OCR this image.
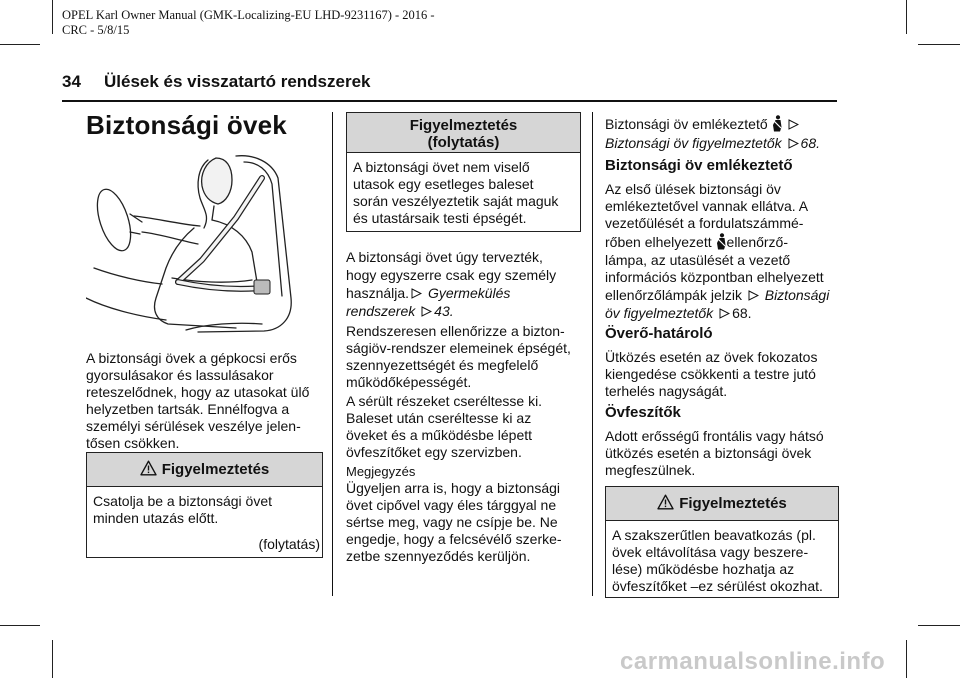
OPEL Karl Owner Manual (GMK-Localizing-EU LHD-9231167) - 2016 -
CRC - 5/8/15
34 Ülések és visszatartó rendszerek
Biztonsági övek
A biztonsági övek a gépkocsi erős
gyorsulásakor és lassulásakor
reteszelődnek, hogy az utasokat ülő
helyzetben tartsák. Ennélfogva a
személyi sérülések veszélye jelen-
tősen csökken.
Figyelmeztetés
Csatolja be a biztonsági övet
minden utazás előtt.
(folytatás)
Figyelmeztetés
(folytatás)
A biztonsági övet nem viselő
utasok egy esetleges baleset
során veszélyeztetik saját maguk
és utastársaik testi épségét.
A biztonsági övet úgy tervezték,
hogy egyszerre csak egy személy
használja. Gyermekülés
rendszerek 43.
Rendszeresen ellenőrizze a bizton-
ságiöv-rendszer elemeinek épségét,
szennyezettségét és megfelelő
működőképességét.
A sérült részeket cseréltesse ki.
Baleset után cseréltesse ki az
öveket és a működésbe lépett
övfeszítőket egy szervizben.
Megjegyzés
Ügyeljen arra is, hogy a biztonsági
övet cipővel vagy éles tárggyal ne
sértse meg, vagy ne csípje be. Ne
engedje, hogy a felcsévélő szerke-
zetbe szennyeződés kerüljön.
Biztonsági öv emlékeztető
Biztonsági öv figyelmeztetők 68.
Biztonsági öv emlékeztető
Az első ülések biztonsági öv
emlékeztetővel vannak ellátva. A
vezetőülését a fordulatszámmé-
rőben elhelyezett ellenőrző-
lámpa, az utasülését a vezető
információs központban elhelyezett
ellenőrzőlámpák jelzik Biztonsági
öv figyelmeztetők 68.
Överő-határoló
Ütközés esetén az övek fokozatos
kiengedése csökkenti a testre jutó
terhelés nagyságát.
Övfeszítők
Adott erősségű frontális vagy hátsó
ütközés esetén a biztonsági övek
megfeszülnek.
Figyelmeztetés
A szakszerűtlen beavatkozás (pl.
övek eltávolítása vagy beszere-
lése) működésbe hozhatja az
övfeszítőket –ez sérülést okozhat.
carmanualsonline.info
